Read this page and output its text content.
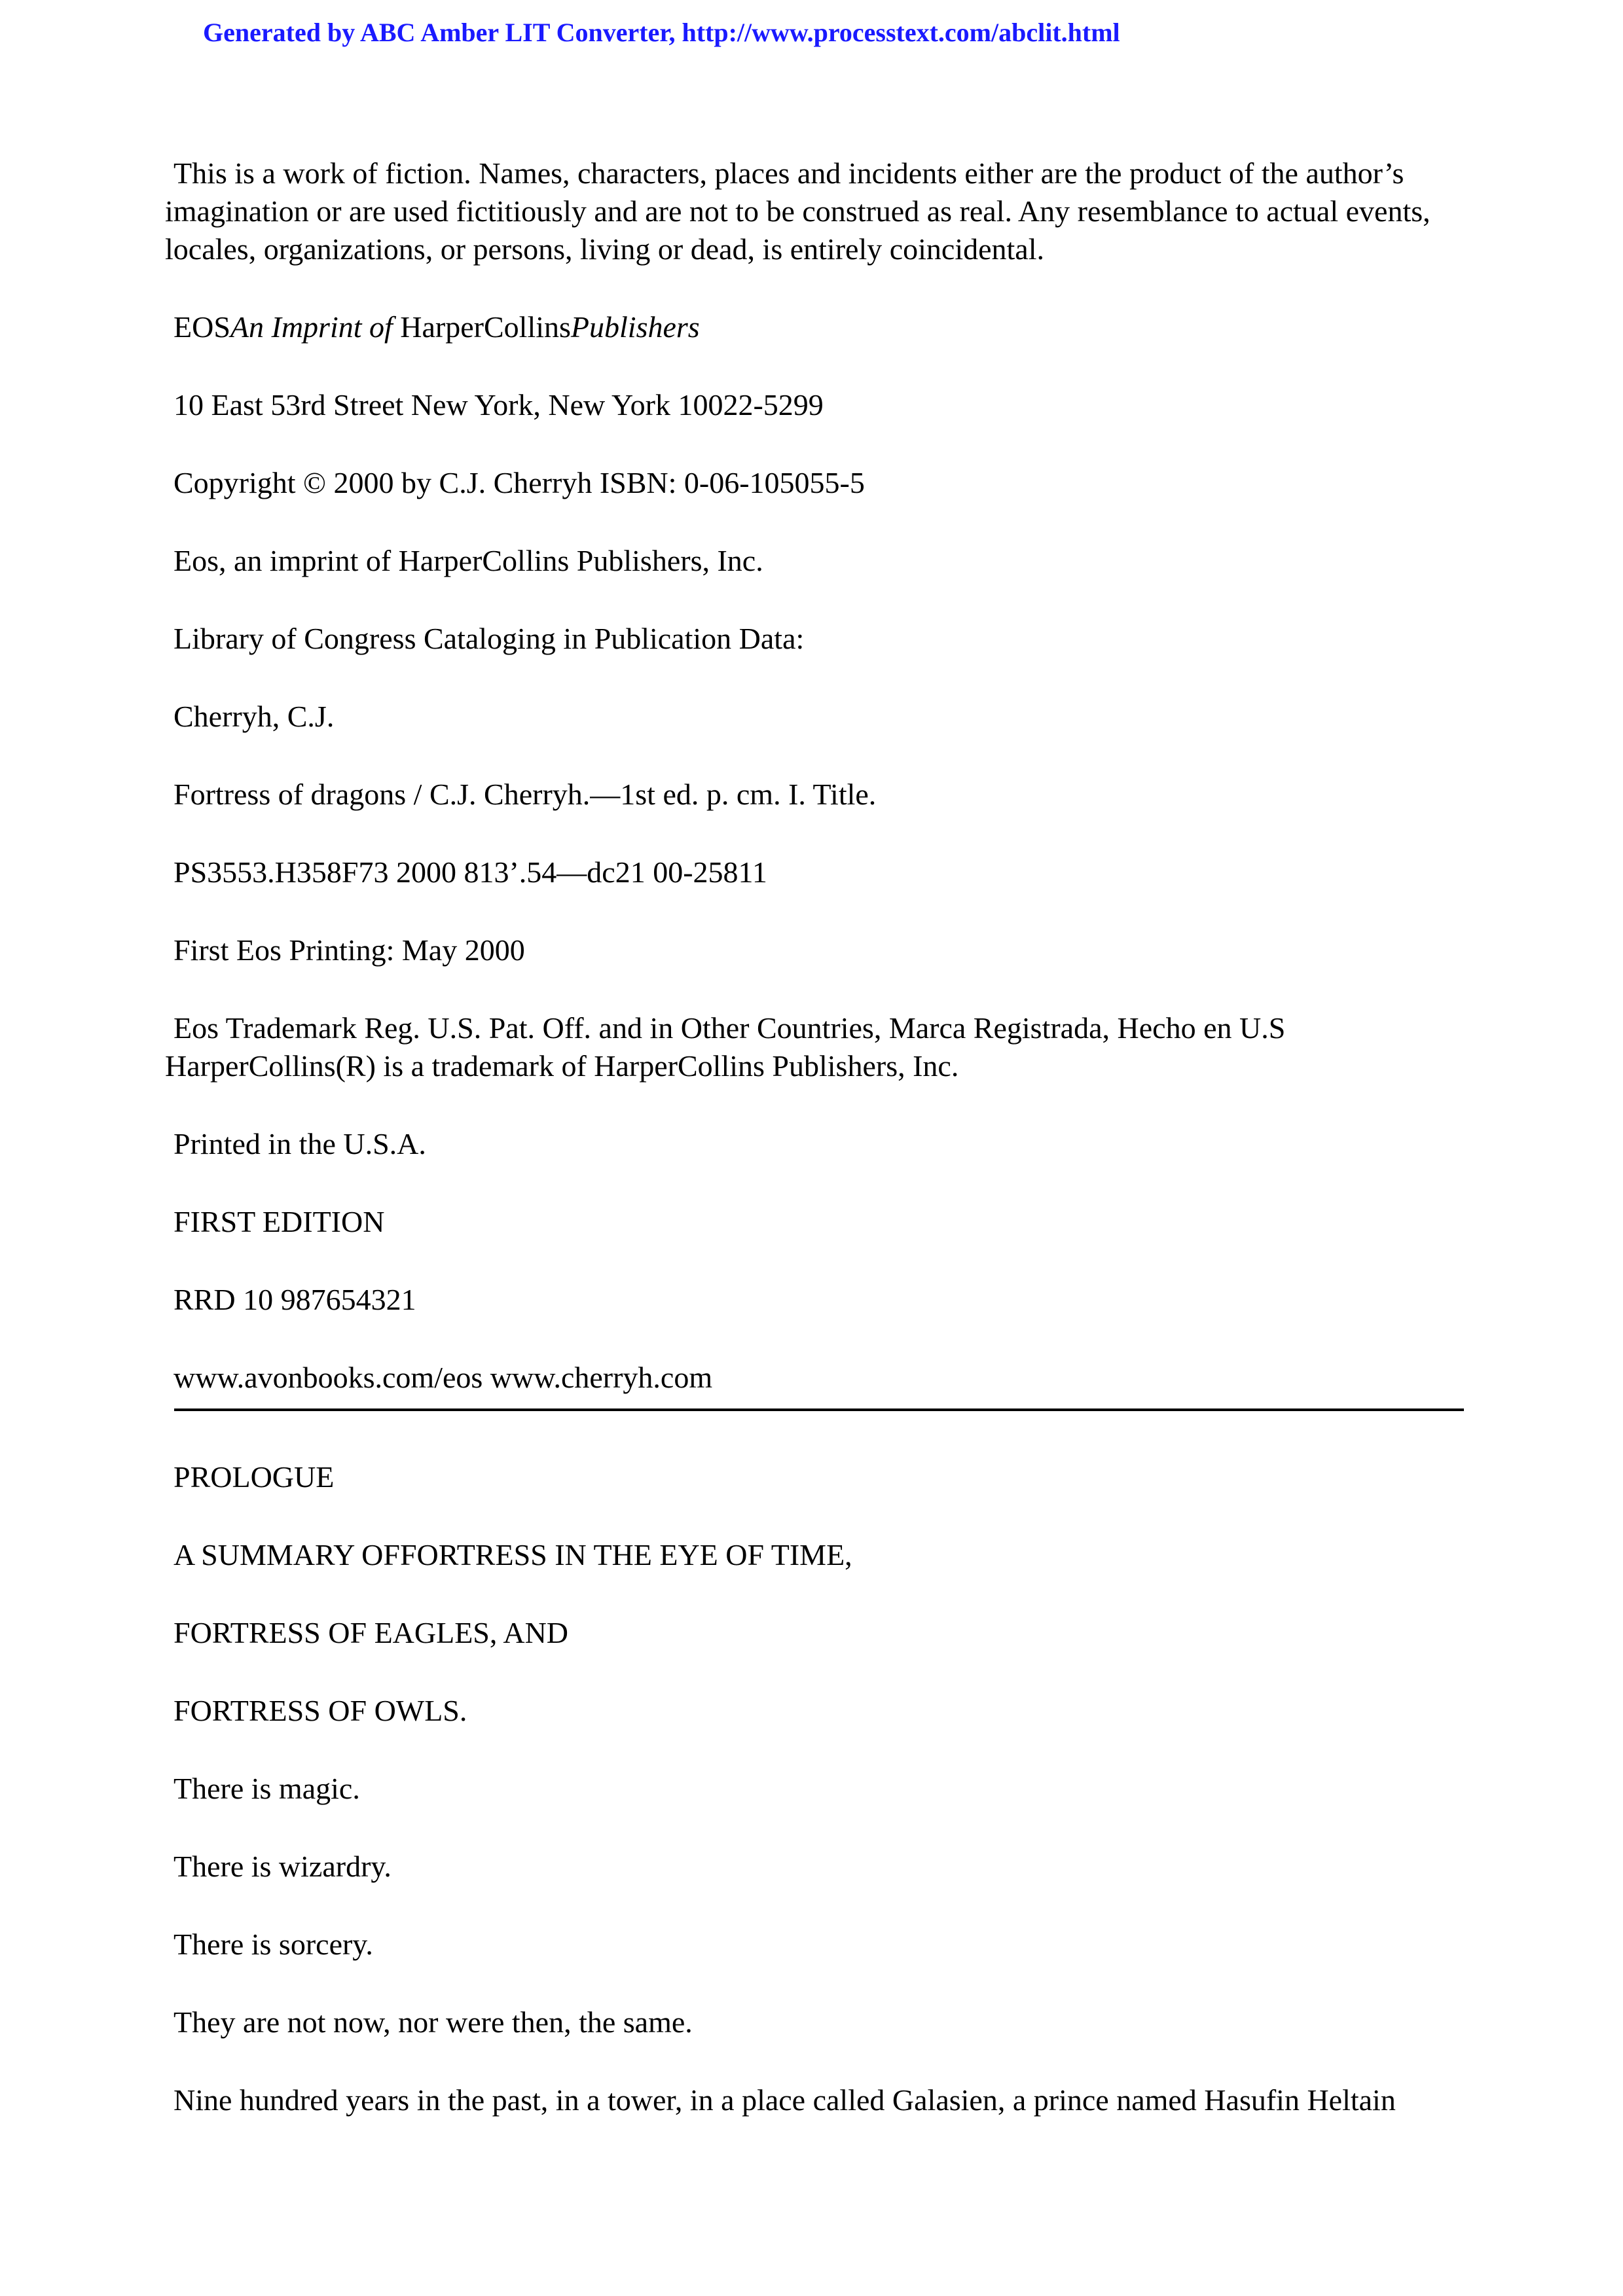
Generated by ABC Amber LIT Converter, http://www.processtext.com/abclit.html

This is a work of fiction. Names, characters, places and incidents either are the product of the author’s imagination or are used fictitiously and are not to be construed as real. Any resemblance to actual events, locales, organizations, or persons, living or dead, is entirely coincidental.

EOSAn Imprint of HarperCollinsPublishers

10 East 53rd Street New York, New York 10022-5299

Copyright © 2000 by C.J. Cherryh ISBN: 0-06-105055-5

Eos, an imprint of HarperCollins Publishers, Inc.

Library of Congress Cataloging in Publication Data:

Cherryh, C.J.

Fortress of dragons / C.J. Cherryh.—1st ed. p. cm. I. Title.

PS3553.H358F73 2000 813’.54—dc21 00-25811

First Eos Printing: May 2000

Eos Trademark Reg. U.S. Pat. Off. and in Other Countries, Marca Registrada, Hecho en U.S HarperCollins(R) is a trademark of HarperCollins Publishers, Inc.

Printed in the U.S.A.

FIRST EDITION

RRD 10 987654321

www.avonbooks.com/eos www.cherryh.com

PROLOGUE

A SUMMARY OFFORTRESS IN THE EYE OF TIME,

FORTRESS OF EAGLES, AND

FORTRESS OF OWLS.

There is magic.

There is wizardry.

There is sorcery.

They are not now, nor were then, the same.

Nine hundred years in the past, in a tower, in a place called Galasien, a prince named Hasufin Heltain
